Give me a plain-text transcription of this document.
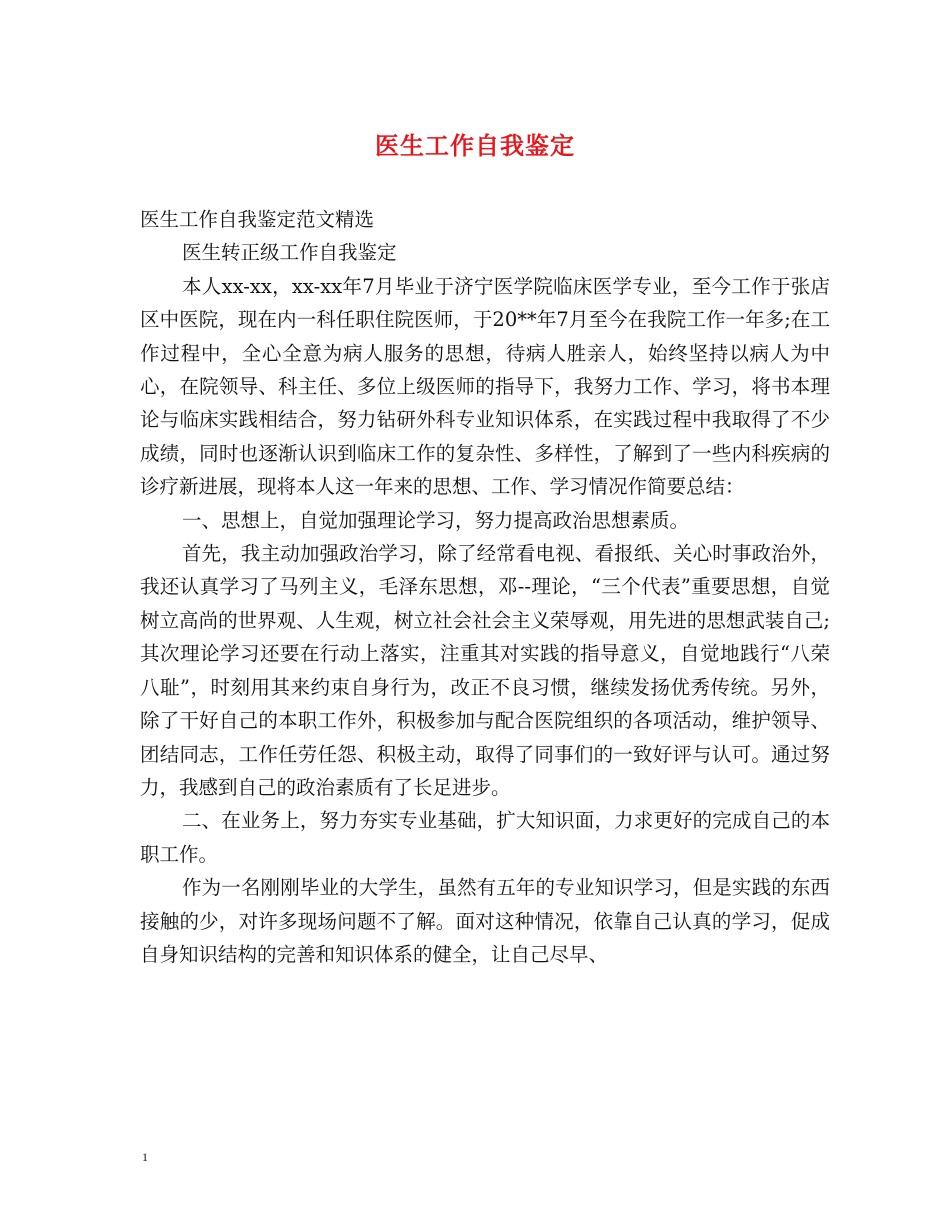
医生工作自我鉴定

医生工作自我鉴定范文精选

医生转正级工作自我鉴定

本人xx-xx，xx-xx年7月毕业于济宁医学院临床医学专业，至今工作于张店区中医院，现在内一科任职住院医师，于20**年7月至今在我院工作一年多;在工作过程中，全心全意为病人服务的思想，待病人胜亲人，始终坚持以病人为中心，在院领导、科主任、多位上级医师的指导下，我努力工作、学习，将书本理论与临床实践相结合，努力钻研外科专业知识体系，在实践过程中我取得了不少成绩，同时也逐渐认识到临床工作的复杂性、多样性，了解到了一些内科疾病的诊疗新进展，现将本人这一年来的思想、工作、学习情况作简要总结：

一、思想上，自觉加强理论学习，努力提高政治思想素质。

首先，我主动加强政治学习，除了经常看电视、看报纸、关心时事政治外，我还认真学习了马列主义，毛泽东思想，邓--理论，“三个代表”重要思想，自觉树立高尚的世界观、人生观，树立社会社会主义荣辱观，用先进的思想武装自己;其次理论学习还要在行动上落实，注重其对实践的指导意义，自觉地践行“八荣八耻”，时刻用其来约束自身行为，改正不良习惯，继续发扬优秀传统。另外，除了干好自己的本职工作外，积极参加与配合医院组织的各项活动，维护领导、团结同志，工作任劳任怨、积极主动，取得了同事们的一致好评与认可。通过努力，我感到自己的政治素质有了长足进步。

二、在业务上，努力夯实专业基础，扩大知识面，力求更好的完成自己的本职工作。

作为一名刚刚毕业的大学生，虽然有五年的专业知识学习，但是实践的东西接触的少，对许多现场问题不了解。面对这种情况，依靠自己认真的学习，促成自身知识结构的完善和知识体系的健全，让自己尽早、

1
